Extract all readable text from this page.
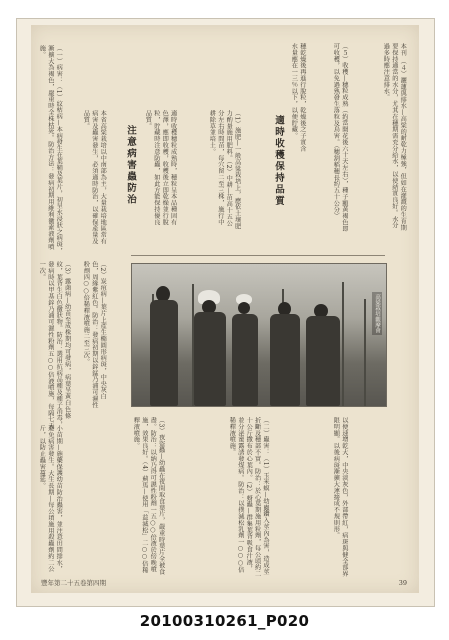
本刊 （４）灑蓮與排水—高粱的耐乾力極強，但如在灌溉的生育期要保持適當的水分，尤其在穗期需充分給水，以使結實良好。水分過多時應注意排水。
（５）收穫—穗粒成熟（約當開花後六十天左右），種子顯黃褐色即可收穫，以免過熟發生落粒及鳥害。（穗割稻穗長約五十公分）
穗乾燥後再進行脫粒，乾燥後之子實含水量應在一三％以下，以便貯藏。
適時收穫保持品質
（1）施肥—一般高粱栽培上，應依土壤肥力酌量施用肥料。（2）中耕—苗高十五公分左右時間苗，每穴留二至三株，施行中耕除草並培土。
適時收穫穗粒成熟時，穗粒呈本品種固有色澤，應即收穫，收穫後立即乾燥並行脫粒，貯藏時注意防蟲，如此方能保持優良品質。
注意病害蟲防治
本省高粱栽培以中南部為主，大量栽培地區常有病害及蟲害發生，必須適時防治，以確保產量及品質。
（一）病害：（1）紋枯病—本病發生在葉鞘及葉片，初呈水浸狀之病斑，漸擴大為褐色，嚴重時全株枯死。防治方法：發病初期用維利黴素液劑噴施。
（2）炭疽病—葉片上產生橢圓形病斑，中央灰白色，周緣紫紅色。防治：發病初期以鋅錳乃浦可濕性粉劑四○○倍稀釋液噴施二至三次。
（3）露菌病—幼苗至成株期均可發病，病葉呈黃白色條紋，葉背生白色黴狀物。防治：選用抗病品種及種子消毒，發病時以甲基鋅乃浦可濕性粉劑五○○倍液噴施，每隔七天一次。
高粱栽培觀摩會
小苗期—施藥保護幼苗防治蟲害，並注意田間排水，避免病害發生。大生長期—每公頃施用殺蟲劑約二公斤，以防止蟲害蔓延。	以便速增乾大，中央淡灰色，外部帶紅，病斑與健全部界限明顯。以後病斑漸擴大連接成不規則形。
（二）蟲害：（1）玉米螟—幼蟲鑽入莖內為害，造成莖折斷及穗部不實。防治：於心葉期施用粒劑，每公頃約二十公斤撒布於心葉內。（2）蚜蟲—群集葉背吸食汁液，並分泌蜜露誘發煤病。防治：以撲滅松乳劑一○○○倍稀釋液噴施。
（3）夜盜蟲—幼蟲在夜間取食葉片，嚴重時葉片全被食盡。防治：以納乃得可濕性粉劑一五○○倍液於傍晚噴施，效果良好。（4）薊馬—使用「益滅松」二○○倍稀釋液噴施。
豐年第二十五卷第四期	39
20100310261_P020
